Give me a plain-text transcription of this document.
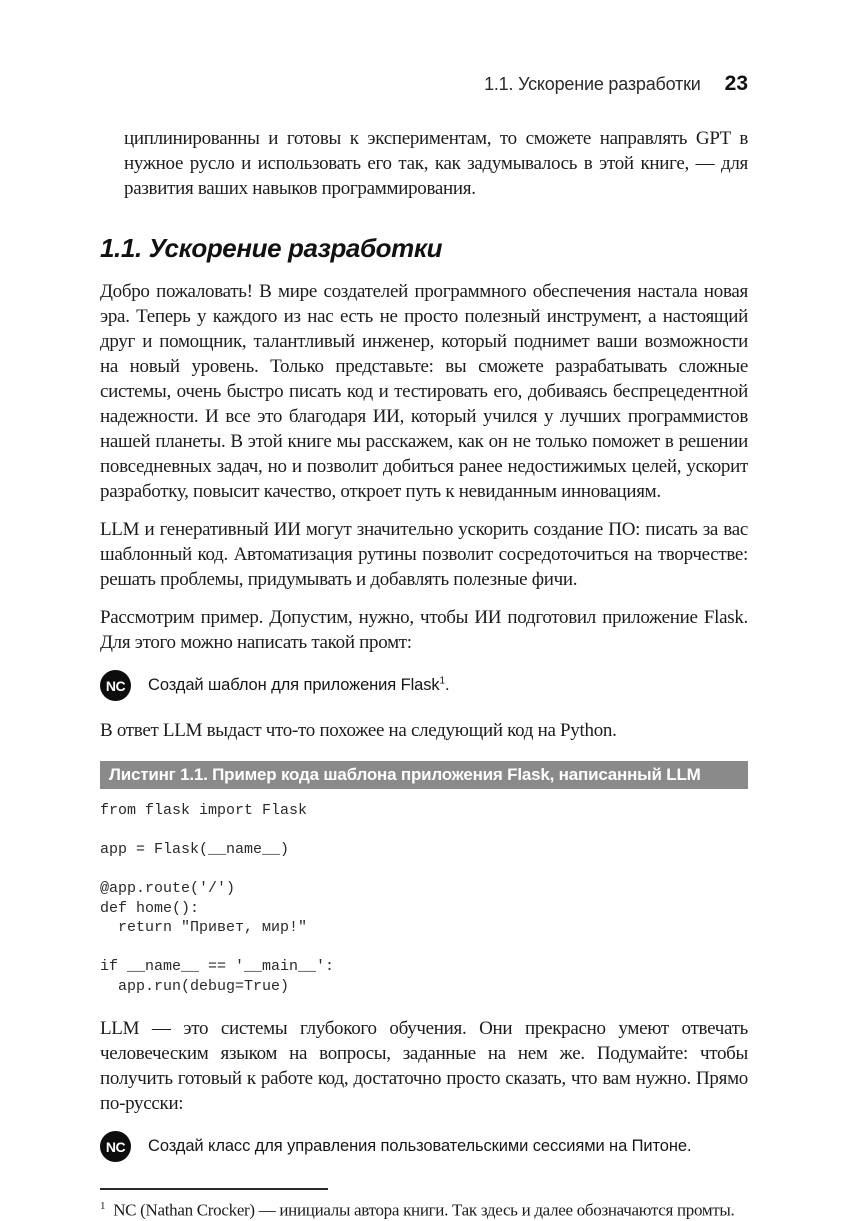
1.1. Ускорение разработки 23

циплинированны и готовы к экспериментам, то сможете направлять GPT в нужное русло и использовать его так, как задумывалось в этой книге, — для развития ваших навыков программирования.

1.1. Ускорение разработки

Добро пожаловать! В мире создателей программного обеспечения настала новая эра. Теперь у каждого из нас есть не просто полезный инструмент, а настоящий друг и помощник, талантливый инженер, который поднимет ваши возможности на новый уровень. Только представьте: вы сможете разрабатывать сложные системы, очень быстро писать код и тестировать его, добиваясь беспрецедентной надежности. И все это благодаря ИИ, который учился у лучших программистов нашей планеты. В этой книге мы расскажем, как он не только поможет в решении повседневных задач, но и позволит добиться ранее недостижимых целей, ускорит разработку, повысит качество, откроет путь к невиданным инновациям.

LLM и генеративный ИИ могут значительно ускорить создание ПО: писать за вас шаблонный код. Автоматизация рутины позволит сосредоточиться на творчестве: решать проблемы, придумывать и добавлять полезные фичи.

Рассмотрим пример. Допустим, нужно, чтобы ИИ подготовил приложение Flask. Для этого можно написать такой промт:

NC	Создай шаблон для приложения Flask$^1$.

В ответ LLM выдаст что-то похожее на следующий код на Python.

Листинг 1.1. Пример кода шаблона приложения Flask, написанный LLM
from flask import Flask
app = Flask(__name__)
@app.route('/')
def home():
return "Привет, мир!"
if __name__ == '__main__':
app.run(debug=True)

LLM — это системы глубокого обучения. Они прекрасно умеют отвечать человеческим языком на вопросы, заданные на нем же. Подумайте: чтобы получить готовый к работе код, достаточно просто сказать, что вам нужно. Прямо по-русски:

NC	Создай класс для управления пользовательскими сессиями на Питоне.
$^1$ NC (Nathan Crocker) — инициалы автора книги. Так здесь и далее обозначаются промты.
